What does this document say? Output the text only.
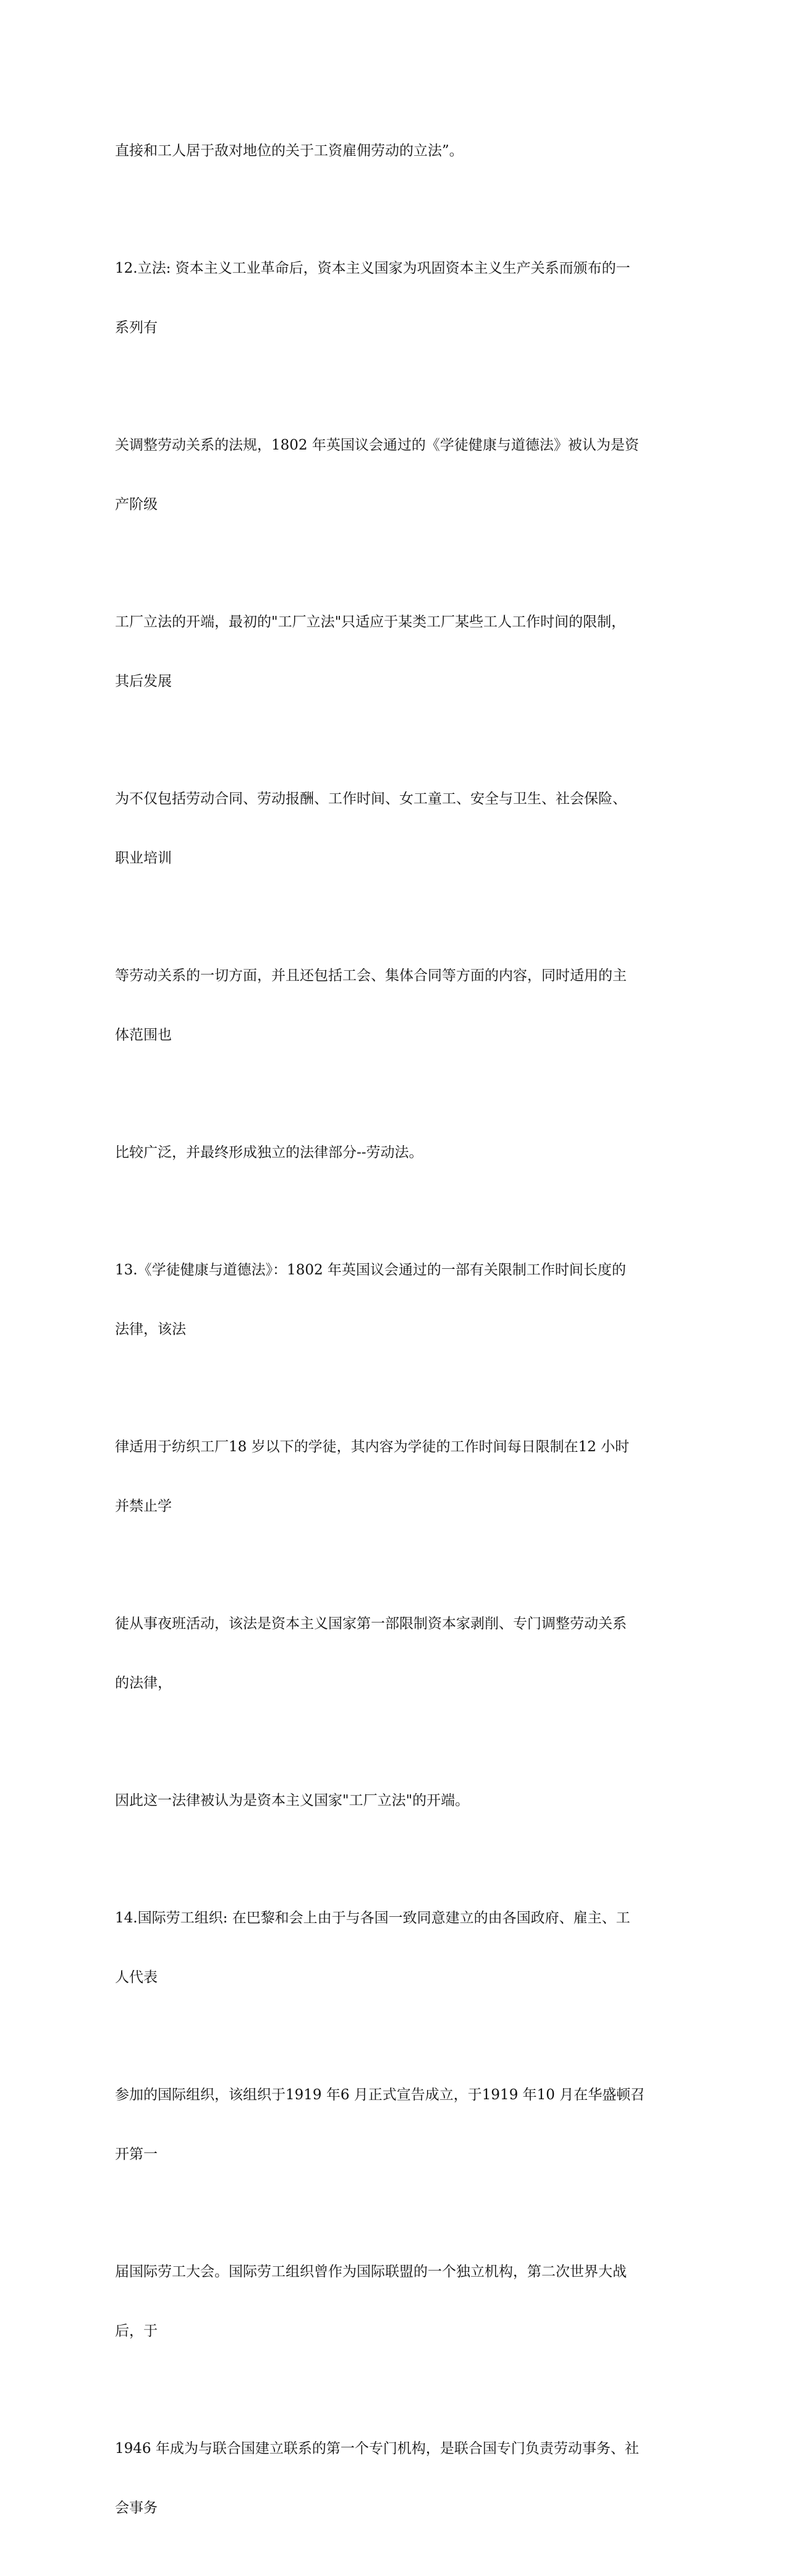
直接和工人居于敌对地位的关于工资雇佣劳动的立法”。

12.立法: 资本主义工业革命后，资本主义国家为巩固资本主义生产关系而颁布的一

系列有

关调整劳动关系的法规，1802 年英国议会通过的《学徒健康与道德法》被认为是资

产阶级

工厂立法的开端，最初的"工厂立法"只适应于某类工厂某些工人工作时间的限制，

其后发展

为不仅包括劳动合同、劳动报酬、工作时间、女工童工、安全与卫生、社会保险、

职业培训

等劳动关系的一切方面，并且还包括工会、集体合同等方面的内容，同时适用的主

体范围也

比较广泛，并最终形成独立的法律部分--劳动法。

13.《学徒健康与道德法》：1802 年英国议会通过的一部有关限制工作时间长度的

法律，该法

律适用于纺织工厂18 岁以下的学徒，其内容为学徒的工作时间每日限制在12 小时

并禁止学

徒从事夜班活动，该法是资本主义国家第一部限制资本家剥削、专门调整劳动关系

的法律，

因此这一法律被认为是资本主义国家"工厂立法"的开端。

14.国际劳工组织: 在巴黎和会上由于与各国一致同意建立的由各国政府、雇主、工

人代表

参加的国际组织，该组织于1919 年6 月正式宣告成立，于1919 年10 月在华盛顿召

开第一

届国际劳工大会。国际劳工组织曾作为国际联盟的一个独立机构，第二次世界大战

后，于

1946 年成为与联合国建立联系的第一个专门机构，是联合国专门负责劳动事务、社

会事务
